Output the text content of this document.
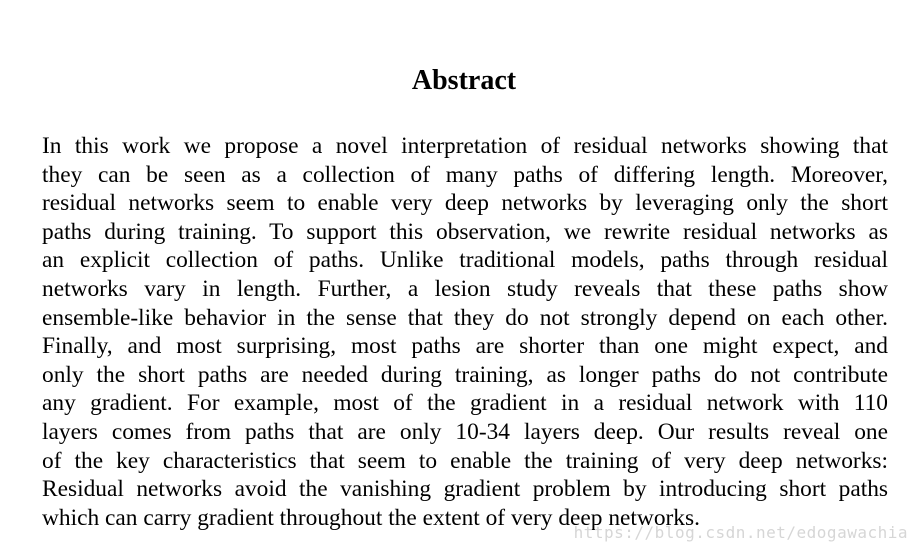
Abstract
In this work we propose a novel interpretation of residual networks showing that
they can be seen as a collection of many paths of differing length. Moreover,
residual networks seem to enable very deep networks by leveraging only the short
paths during training. To support this observation, we rewrite residual networks as
an explicit collection of paths. Unlike traditional models, paths through residual
networks vary in length. Further, a lesion study reveals that these paths show
ensemble-like behavior in the sense that they do not strongly depend on each other.
Finally, and most surprising, most paths are shorter than one might expect, and
only the short paths are needed during training, as longer paths do not contribute
any gradient. For example, most of the gradient in a residual network with 110
layers comes from paths that are only 10-34 layers deep. Our results reveal one
of the key characteristics that seem to enable the training of very deep networks:
Residual networks avoid the vanishing gradient problem by introducing short paths
which can carry gradient throughout the extent of very deep networks.
https://blog.csdn.net/edogawachia
